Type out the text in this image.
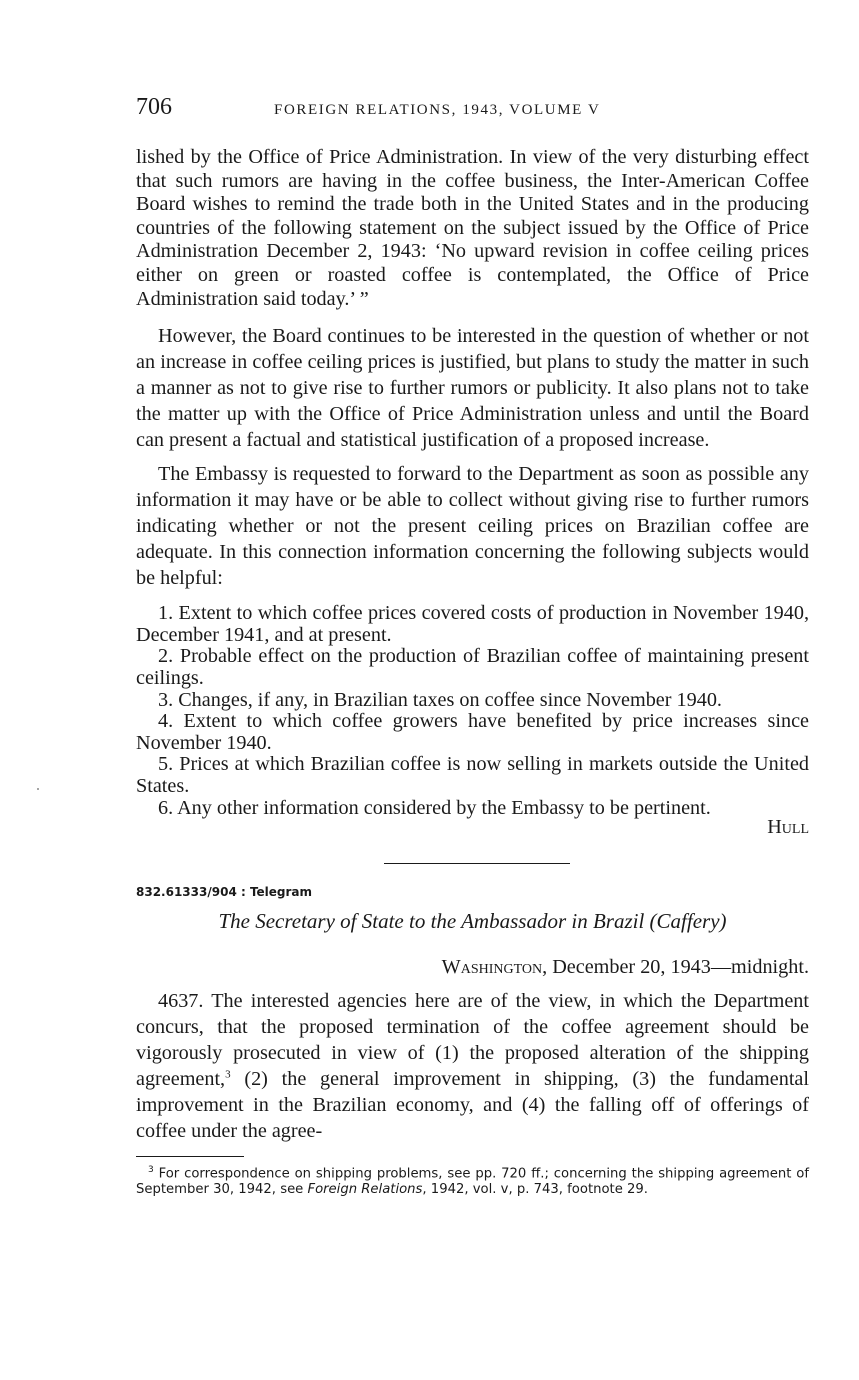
706	FOREIGN RELATIONS, 1943, VOLUME V

lished by the Office of Price Administration. In view of the very disturbing effect that such rumors are having in the coffee business, the Inter-American Coffee Board wishes to remind the trade both in the United States and in the producing countries of the following statement on the subject issued by the Office of Price Administration December 2, 1943: ‘No upward revision in coffee ceiling prices either on green or roasted coffee is contemplated, the Office of Price Administration said today.’ ”

However, the Board continues to be interested in the question of whether or not an increase in coffee ceiling prices is justified, but plans to study the matter in such a manner as not to give rise to further rumors or publicity. It also plans not to take the matter up with the Office of Price Administration unless and until the Board can present a factual and statistical justification of a proposed increase.

The Embassy is requested to forward to the Department as soon as possible any information it may have or be able to collect without giving rise to further rumors indicating whether or not the present ceiling prices on Brazilian coffee are adequate. In this connection information concerning the following subjects would be helpful:

1. Extent to which coffee prices covered costs of production in November 1940, December 1941, and at present.
2. Probable effect on the production of Brazilian coffee of maintaining present ceilings.
3. Changes, if any, in Brazilian taxes on coffee since November 1940.
4. Extent to which coffee growers have benefited by price increases since November 1940.
5. Prices at which Brazilian coffee is now selling in markets outside the United States.
6. Any other information considered by the Embassy to be pertinent.
Hull
832.61333/904 : Telegram
The Secretary of State to the Ambassador in Brazil (Caffery)
Washington, December 20, 1943—midnight.

4637. The interested agencies here are of the view, in which the Department concurs, that the proposed termination of the coffee agreement should be vigorously prosecuted in view of (1) the proposed alteration of the shipping agreement,$^3$ (2) the general improvement in shipping, (3) the fundamental improvement in the Brazilian economy, and (4) the falling off of offerings of coffee under the agree-

$^3$ For correspondence on shipping problems, see pp. 720 ff.; concerning the shipping agreement of September 30, 1942, see Foreign Relations, 1942, vol. v, p. 743, footnote 29.
